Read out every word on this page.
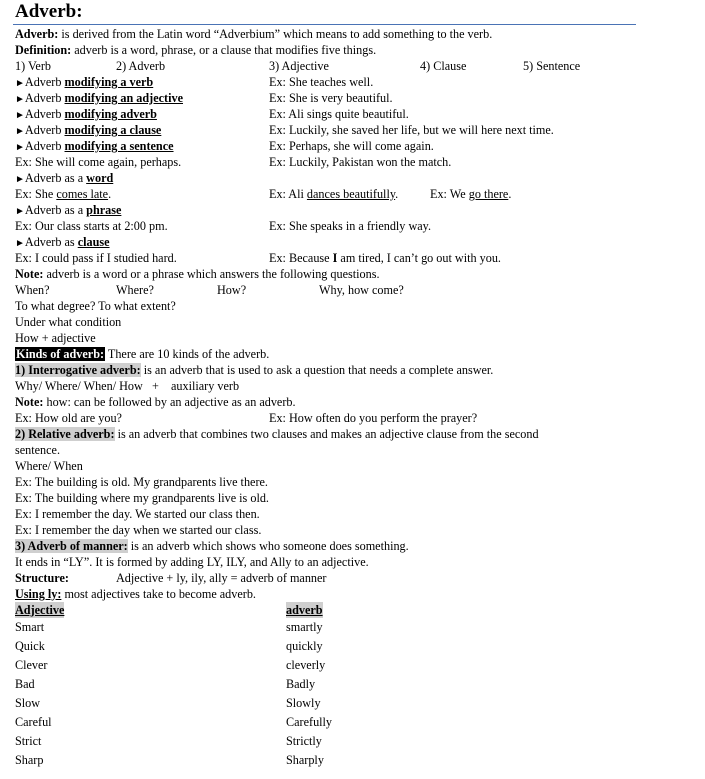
Adverb:
Adverb: is derived from the Latin word “Adverbium” which means to add something to the verb.
Definition: adverb is a word, phrase, or a clause that modifies five things.
1) Verb	2) Adverb	3) Adjective	4) Clause	5) Sentence
►Adverb modifying a verb	Ex: She teaches well.
►Adverb modifying an adjective	Ex: She is very beautiful.
►Adverb modifying adverb	Ex: Ali sings quite beautiful.
►Adverb modifying a clause	Ex: Luckily, she saved her life, but we will here next time.
►Adverb modifying a sentence	Ex: Perhaps, she will come again.
Ex: She will come again, perhaps.	Ex: Luckily, Pakistan won the match.
►Adverb as a word
Ex: She comes late.	Ex: Ali dances beautifully.	Ex: We go there.
►Adverb as a phrase
Ex: Our class starts at 2:00 pm.	Ex: She speaks in a friendly way.
►Adverb as clause
Ex: I could pass if I studied hard.	Ex: Because I am tired, I can’t go out with you.
Note: adverb is a word or a phrase which answers the following questions.
When?	Where?	How?	Why, how come?
To what degree? To what extent?
Under what condition
How + adjective
Kinds of adverb: There are 10 kinds of the adverb.
1) Interrogative adverb: is an adverb that is used to ask a question that needs a complete answer.
Why/ Where/ When/ How   +    auxiliary verb
Note: how: can be followed by an adjective as an adverb.
Ex: How old are you?	Ex: How often do you perform the prayer?
2) Relative adverb: is an adverb that combines two clauses and makes an adjective clause from the second
sentence.
Where/ When
Ex: The building is old. My grandparents live there.
Ex: The building where my grandparents live is old.
Ex: I remember the day. We started our class then.
Ex: I remember the day when we started our class.
3) Adverb of manner: is an adverb which shows who someone does something.
It ends in “LY”. It is formed by adding LY, ILY, and Ally to an adjective.
Structure:	Adjective + ly, ily, ally = adverb of manner
Using ly: most adjectives take to become adverb.
Adjective	adverb
Smart	smartly
Quick	quickly
Clever	cleverly
Bad	Badly
Slow	Slowly
Careful	Carefully
Strict	Strictly
Sharp	Sharply
